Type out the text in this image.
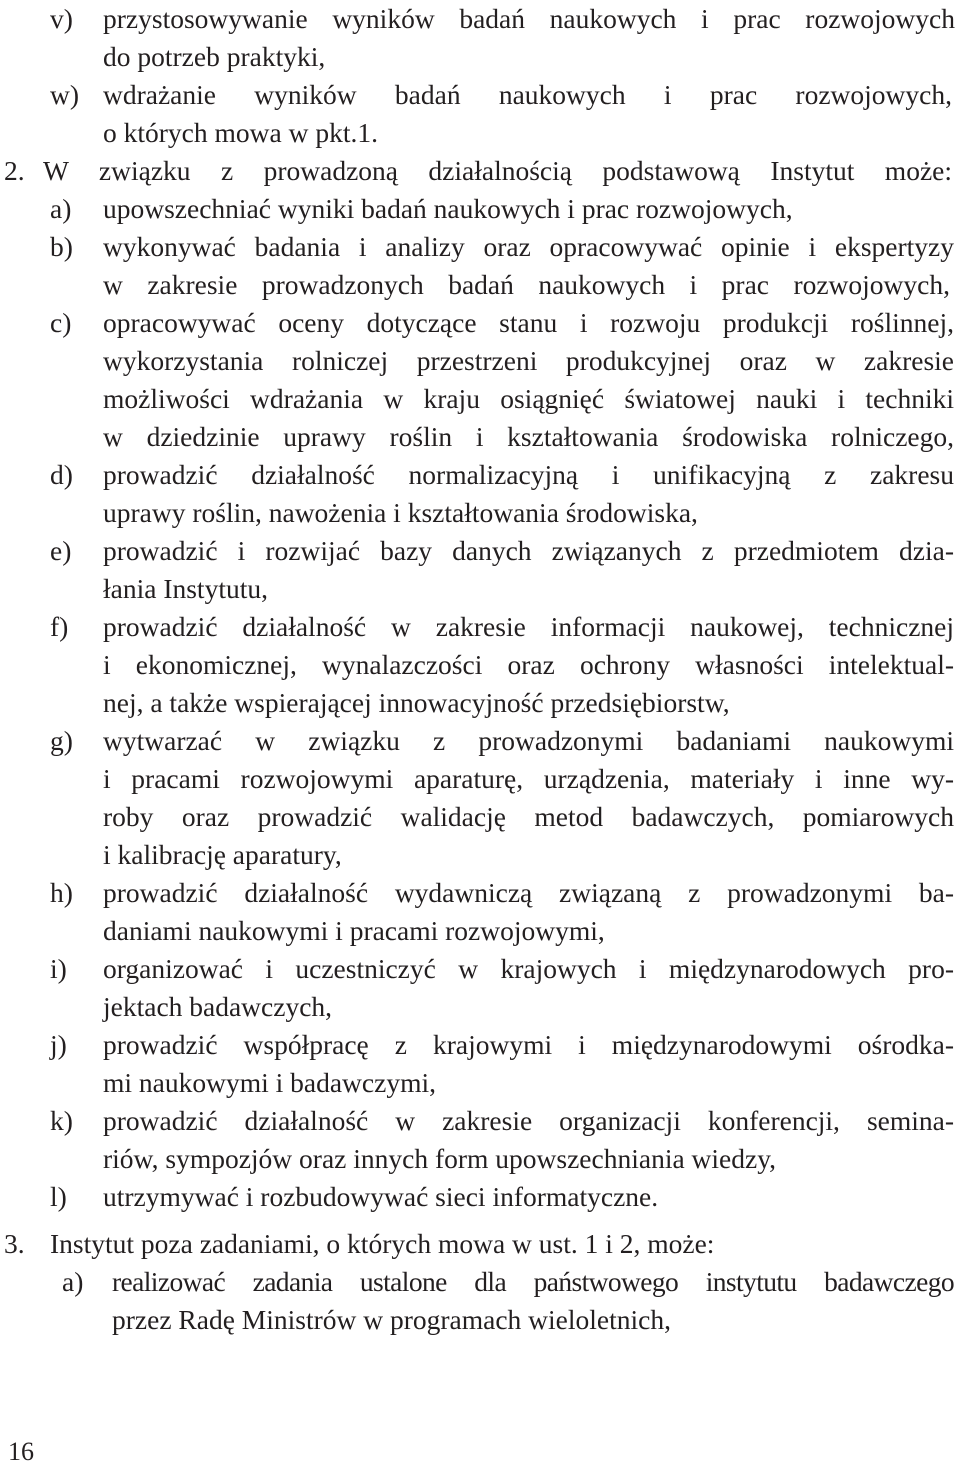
v) przystosowywanie wyników badań naukowych i prac rozwojowych
do potrzeb praktyki,
w) wdrażanie wyników badań naukowych i prac rozwojowych,
o których mowa w pkt.1.
2. W związku z prowadzoną działalnością podstawową Instytut może:
a) upowszechniać wyniki badań naukowych i prac rozwojowych,
b) wykonywać badania i analizy oraz opracowywać opinie i ekspertyzy
w zakresie prowadzonych badań naukowych i prac rozwojowych,
c) opracowywać oceny dotyczące stanu i rozwoju produkcji roślinnej,
wykorzystania rolniczej przestrzeni produkcyjnej oraz w zakresie
możliwości wdrażania w kraju osiągnięć światowej nauki i techniki
w dziedzinie uprawy roślin i kształtowania środowiska rolniczego,
d) prowadzić działalność normalizacyjną i unifikacyjną z zakresu
uprawy roślin, nawożenia i kształtowania środowiska,
e) prowadzić i rozwijać bazy danych związanych z przedmiotem dzia-
łania Instytutu,
f) prowadzić działalność w zakresie informacji naukowej, technicznej
i ekonomicznej, wynalazczości oraz ochrony własności intelektual-
nej, a także wspierającej innowacyjność przedsiębiorstw,
g) wytwarzać w związku z prowadzonymi badaniami naukowymi
i pracami rozwojowymi aparaturę, urządzenia, materiały i inne wy-
roby oraz prowadzić walidację metod badawczych, pomiarowych
i kalibrację aparatury,
h) prowadzić działalność wydawniczą związaną z prowadzonymi ba-
daniami naukowymi i pracami rozwojowymi,
i) organizować i uczestniczyć w krajowych i międzynarodowych pro-
jektach badawczych,
j) prowadzić współpracę z krajowymi i międzynarodowymi ośrodka-
mi naukowymi i badawczymi,
k) prowadzić działalność w zakresie organizacji konferencji, semina-
riów, sympozjów oraz innych form upowszechniania wiedzy,
l) utrzymywać i rozbudowywać sieci informatyczne.
3. Instytut poza zadaniami, o których mowa w ust. 1 i 2, może:
a) realizować zadania ustalone dla państwowego instytutu badawczego
przez Radę Ministrów w programach wieloletnich,
16
